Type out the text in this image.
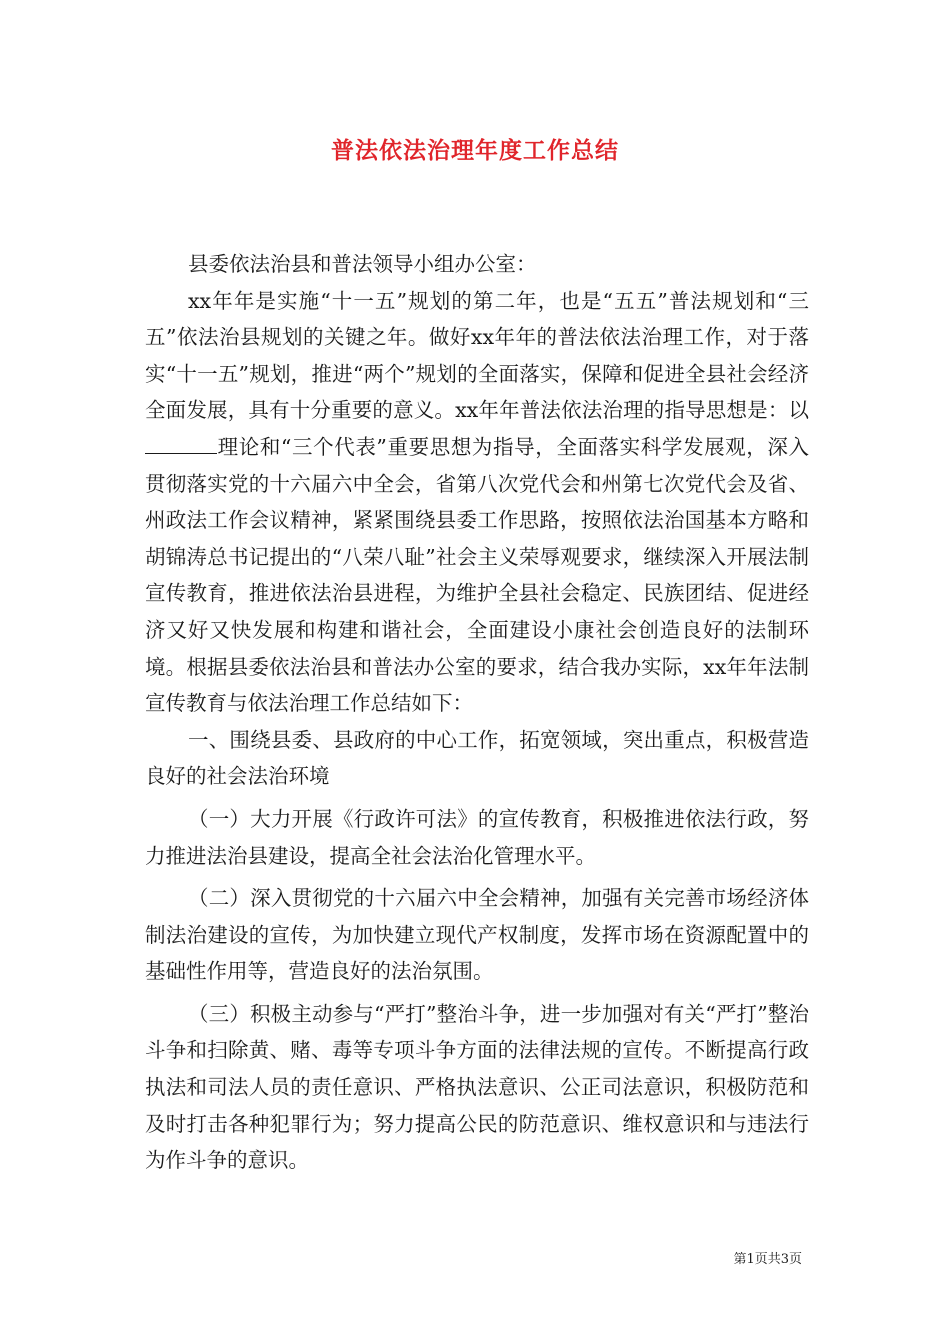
普法依法治理年度工作总结

县委依法治县和普法领导小组办公室：

xx年年是实施“十一五”规划的第二年，也是“五五”普法规划和“三五”依法治县规划的关键之年。做好xx年年的普法依法治理工作，对于落实“十一五”规划，推进“两个”规划的全面落实，保障和促进全县社会经济全面发展，具有十分重要的意义。xx年年普法依法治理的指导思想是：以理论和“三个代表”重要思想为指导，全面落实科学发展观，深入贯彻落实党的十六届六中全会，省第八次党代会和州第七次党代会及省、州政法工作会议精神，紧紧围绕县委工作思路，按照依法治国基本方略和胡锦涛总书记提出的“八荣八耻”社会主义荣辱观要求，继续深入开展法制宣传教育，推进依法治县进程，为维护全县社会稳定、民族团结、促进经济又好又快发展和构建和谐社会，全面建设小康社会创造良好的法制环境。根据县委依法治县和普法办公室的要求，结合我办实际，xx年年法制宣传教育与依法治理工作总结如下：

一、围绕县委、县政府的中心工作，拓宽领域，突出重点，积极营造良好的社会法治环境

（一）大力开展《行政许可法》的宣传教育，积极推进依法行政，努力推进法治县建设，提高全社会法治化管理水平。

（二）深入贯彻党的十六届六中全会精神，加强有关完善市场经济体制法治建设的宣传，为加快建立现代产权制度，发挥市场在资源配置中的基础性作用等，营造良好的法治氛围。

（三）积极主动参与“严打”整治斗争，进一步加强对有关“严打”整治斗争和扫除黄、赌、毒等专项斗争方面的法律法规的宣传。不断提高行政执法和司法人员的责任意识、严格执法意识、公正司法意识，积极防范和及时打击各种犯罪行为；努力提高公民的防范意识、维权意识和与违法行为作斗争的意识。

第1页共3页
